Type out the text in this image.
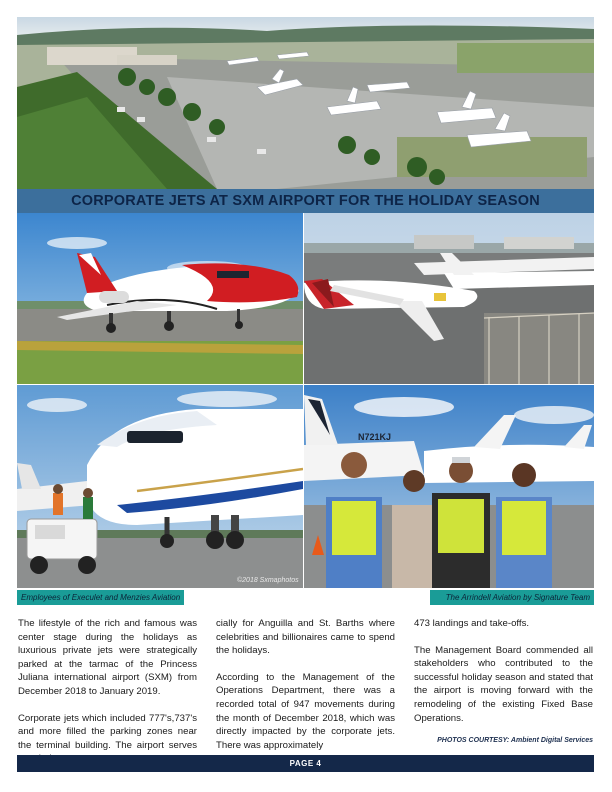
CORPORATE JETS AT SXM AIRPORT FOR THE HOLIDAY SEASON
©2018 Sxmaphotos
N721KJ
Employees of Execulet and Menzies Aviation	The Arrindell Aviation by Signature Team

The lifestyle of the rich and famous was center stage during the holidays as luxurious private jets were strategically parked at the tarmac of the Princess Juliana international airport (SXM) from December 2018 to January 2019.

Corporate jets which included 777's,737's and more filled the parking zones near the terminal building. The airport serves

cially for Anguilla and St. Barths where celebrities and billionaires came to spend the holidays.

According to the Management of the Operations Department, there was a recorded total of 947 movements during the month of December 2018, which was directly impacted by the corporate jets. There was approximately

473 landings and take-offs.

The Management Board commended all stakeholders who contributed to the successful holiday season and stated that the airport is moving forward with the remodeling of the existing Fixed Base Operations.

PHOTOS COURTESY: Ambient Digital Services
PAGE 4
